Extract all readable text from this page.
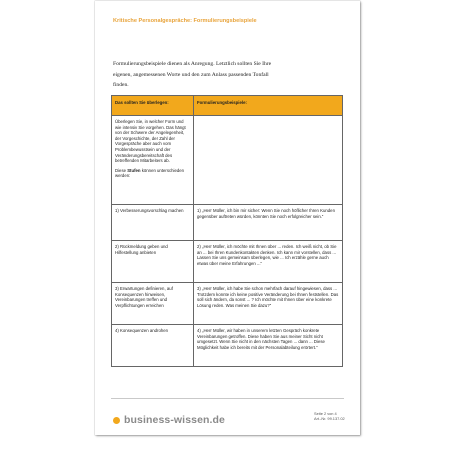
Kritische Personalgespräche: Formulierungsbeispiele
Formulierungsbeispiele dienen als Anregung. Letztlich sollten Sie Ihre
eigenen, angemessenen Worte und den zum Anlass passenden Tonfall
finden.
Das sollten Sie überlegen:	Formulierungsbeispiele:

Überlegen Sie, in welcher Form und wie intensiv Sie vorgehen. Das hängt von der Schwere der Angelegenheit, der Vorgeschichte, der Zahl der Vorgespräche aber auch vom Problembewusstsein und der Veränderungsbereitschaft des betreffenden Mitarbeiters ab.

Diese Stufen können unterschieden werden:	

1) Verbesserungsvorschlag machen	1) „Herr Müller, ich bin mir sicher: Wenn Sie noch höflicher Ihren Kunden gegenüber auftreten würden, könnten Sie noch erfolgreicher sein.“
2) Rückmeldung geben und Hilfestellung anbieten	2) „Herr Müller, ich möchte mit Ihnen über ... reden. Ich weiß nicht, ob Sie an ... bei Ihren Kundenkontakten denken. Ich kann mir vorstellen, dass ... Lassen Sie uns gemeinsam überlegen, wie ... Ich erzähle gerne auch etwas über meine Erfahrungen ...“
3) Erwartungen definieren, auf Konsequenzen hinweisen, Vereinbarungen treffen und Verpflichtungen erreichen	3) „Herr Müller, ich habe Sie schon mehrfach darauf hingewiesen, dass ... Trotzdem konnte ich keine positive Veränderung bei Ihnen feststellen. Das soll sich ändern, da sonst ... ? Ich möchte mit Ihnen über eine konkrete Lösung reden. Was meinen Sie dazu?“
4) Konsequenzen androhen	4) „Herr Müller, wir haben in unserem letzten Gespräch konkrete Vereinbarungen getroffen. Diese haben Sie aus meiner Sicht nicht umgesetzt. Wenn Sie nicht in den nächsten Tagen ... dann ... Diese Möglichkeit habe ich bereits mit der Personalabteilung erörtert.“
business-wissen.de
Seite 2 von 4
Art.-Nr. 99.137.02
